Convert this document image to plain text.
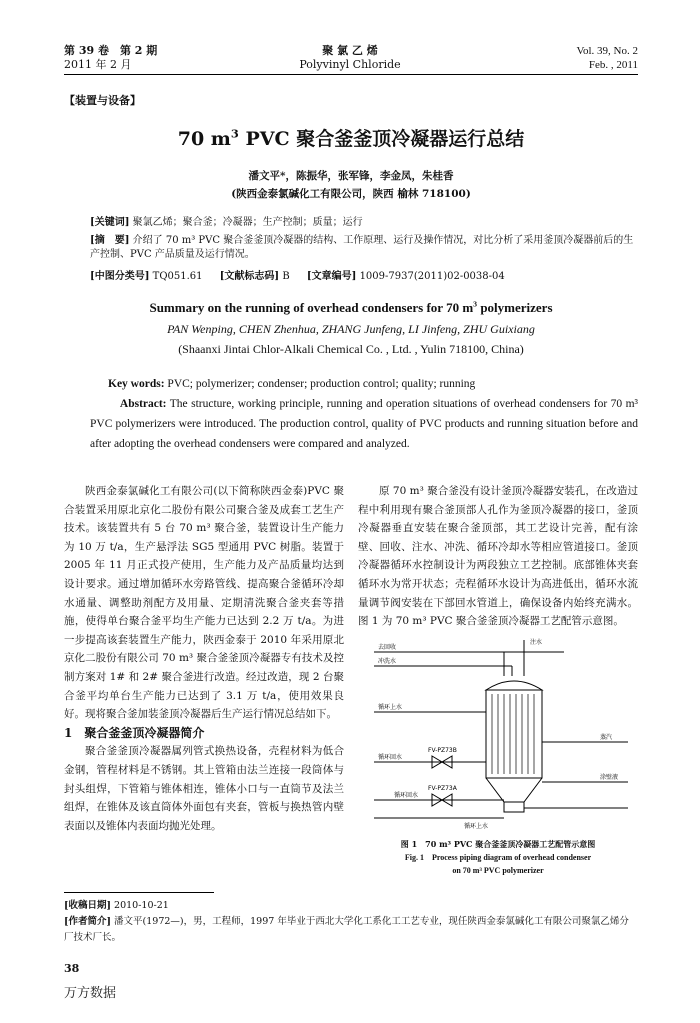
第 39 卷　第 2 期
2011 年 2 月
聚 氯 乙 烯
Polyvinyl Chloride
Vol. 39, No. 2
Feb. , 2011
【装置与设备】
70 $m^3$ PVC 聚合釜釜顶冷凝器运行总结
潘文平*，陈振华，张军锋，李金凤，朱桂香
(陕西金泰氯碱化工有限公司，陕西 榆林 718100)
[关键词] 聚氯乙烯；聚合釜；冷凝器；生产控制；质量；运行
[摘　要] 介绍了 70 m³ PVC 聚合釜釜顶冷凝器的结构、工作原理、运行及操作情况，对比分析了采用釜顶冷凝器前后的生产控制、PVC 产品质量及运行情况。
[中图分类号] TQ051.61 [文献标志码] B [文章编号] 1009-7937(2011)02-0038-04
Summary on the running of overhead condensers for 70 $m^3$ polymerizers
PAN Wenping, CHEN Zhenhua, ZHANG Junfeng, LI Jinfeng, ZHU Guixiang
(Shaanxi Jintai Chlor-Alkali Chemical Co. , Ltd. , Yulin 718100, China)
Key words: PVC; polymerizer; condenser; production control; quality; running
Abstract: The structure, working principle, running and operation situations of overhead condensers for 70 m³ PVC polymerizers were introduced. The production control, quality of PVC products and running situation before and after adopting the overhead condensers were compared and analyzed.

陕西金泰氯碱化工有限公司(以下简称陕西金泰)PVC 聚合装置采用原北京化二股份有限公司聚合釜及成套工艺生产技术。该装置共有 5 台 70 m³ 聚合釜，装置设计生产能力为 10 万 t/a，生产悬浮法 SG5 型通用 PVC 树脂。装置于 2005 年 11 月正式投产使用，生产能力及产品质量均达到设计要求。通过增加循环水旁路管线、提高聚合釜循环冷却水通量、调整助剂配方及用量、定期清洗聚合釜夹套等措施，使得单台聚合釜平均生产能力已达到 2.2 万 t/a。为进一步提高该套装置生产能力，陕西金泰于 2010 年采用原北京化二股份有限公司 70 m³ 聚合釜釜顶冷凝器专有技术及控制方案对 1# 和 2# 聚合釜进行改造。经过改造，现 2 台聚合釜平均单台生产能力已达到了 3.1 万 t/a，使用效果良好。现将聚合釜加装釜顶冷凝器后生产运行情况总结如下。

1　聚合釜釜顶冷凝器简介

聚合釜釜顶冷凝器属列管式换热设备，壳程材料为低合金钢，管程材料是不锈钢。其上管箱由法兰连接一段筒体与封头组焊，下管箱与锥体相连，锥体小口与一直筒节及法兰组焊，在锥体及该直筒体外面包有夹套，管板与换热管内壁表面以及锥体内表面均抛光处理。

原 70 m³ 聚合釜没有设计釜顶冷凝器安装孔，在改造过程中利用现有聚合釜顶部人孔作为釜顶冷凝器的接口，釜顶冷凝器垂直安装在聚合釜顶部，其工艺设计完善，配有涂壁、回收、注水、冲洗、循环冷却水等相应管道接口。釜顶冷凝器循环水控制设计为两段独立工艺控制。底部锥体夹套循环水为常开状态；壳程循环水设计为高进低出，循环水流量调节阀安装在下部回水管道上，确保设备内始终充满水。图 1 为 70 m³ PVC 聚合釜釜顶冷凝器工艺配管示意图。

去回收
注水
冲洗水
循环上水
循环回水
FV-PZ73B
FV-PZ73A
循环回水
循环上水
蒸汽
涂壁液
图 1　70 m³ PVC 聚合釜釜顶冷凝器工艺配管示意图
Fig. 1　Process piping diagram of overhead condenser
on 70 m³ PVC polymerizer
[收稿日期] 2010-10-21
[作者简介] 潘文平(1972—)，男，工程师，1997 年毕业于西北大学化工系化工工艺专业，现任陕西金泰氯碱化工有限公司聚氯乙烯分厂技术厂长。
38
万方数据
